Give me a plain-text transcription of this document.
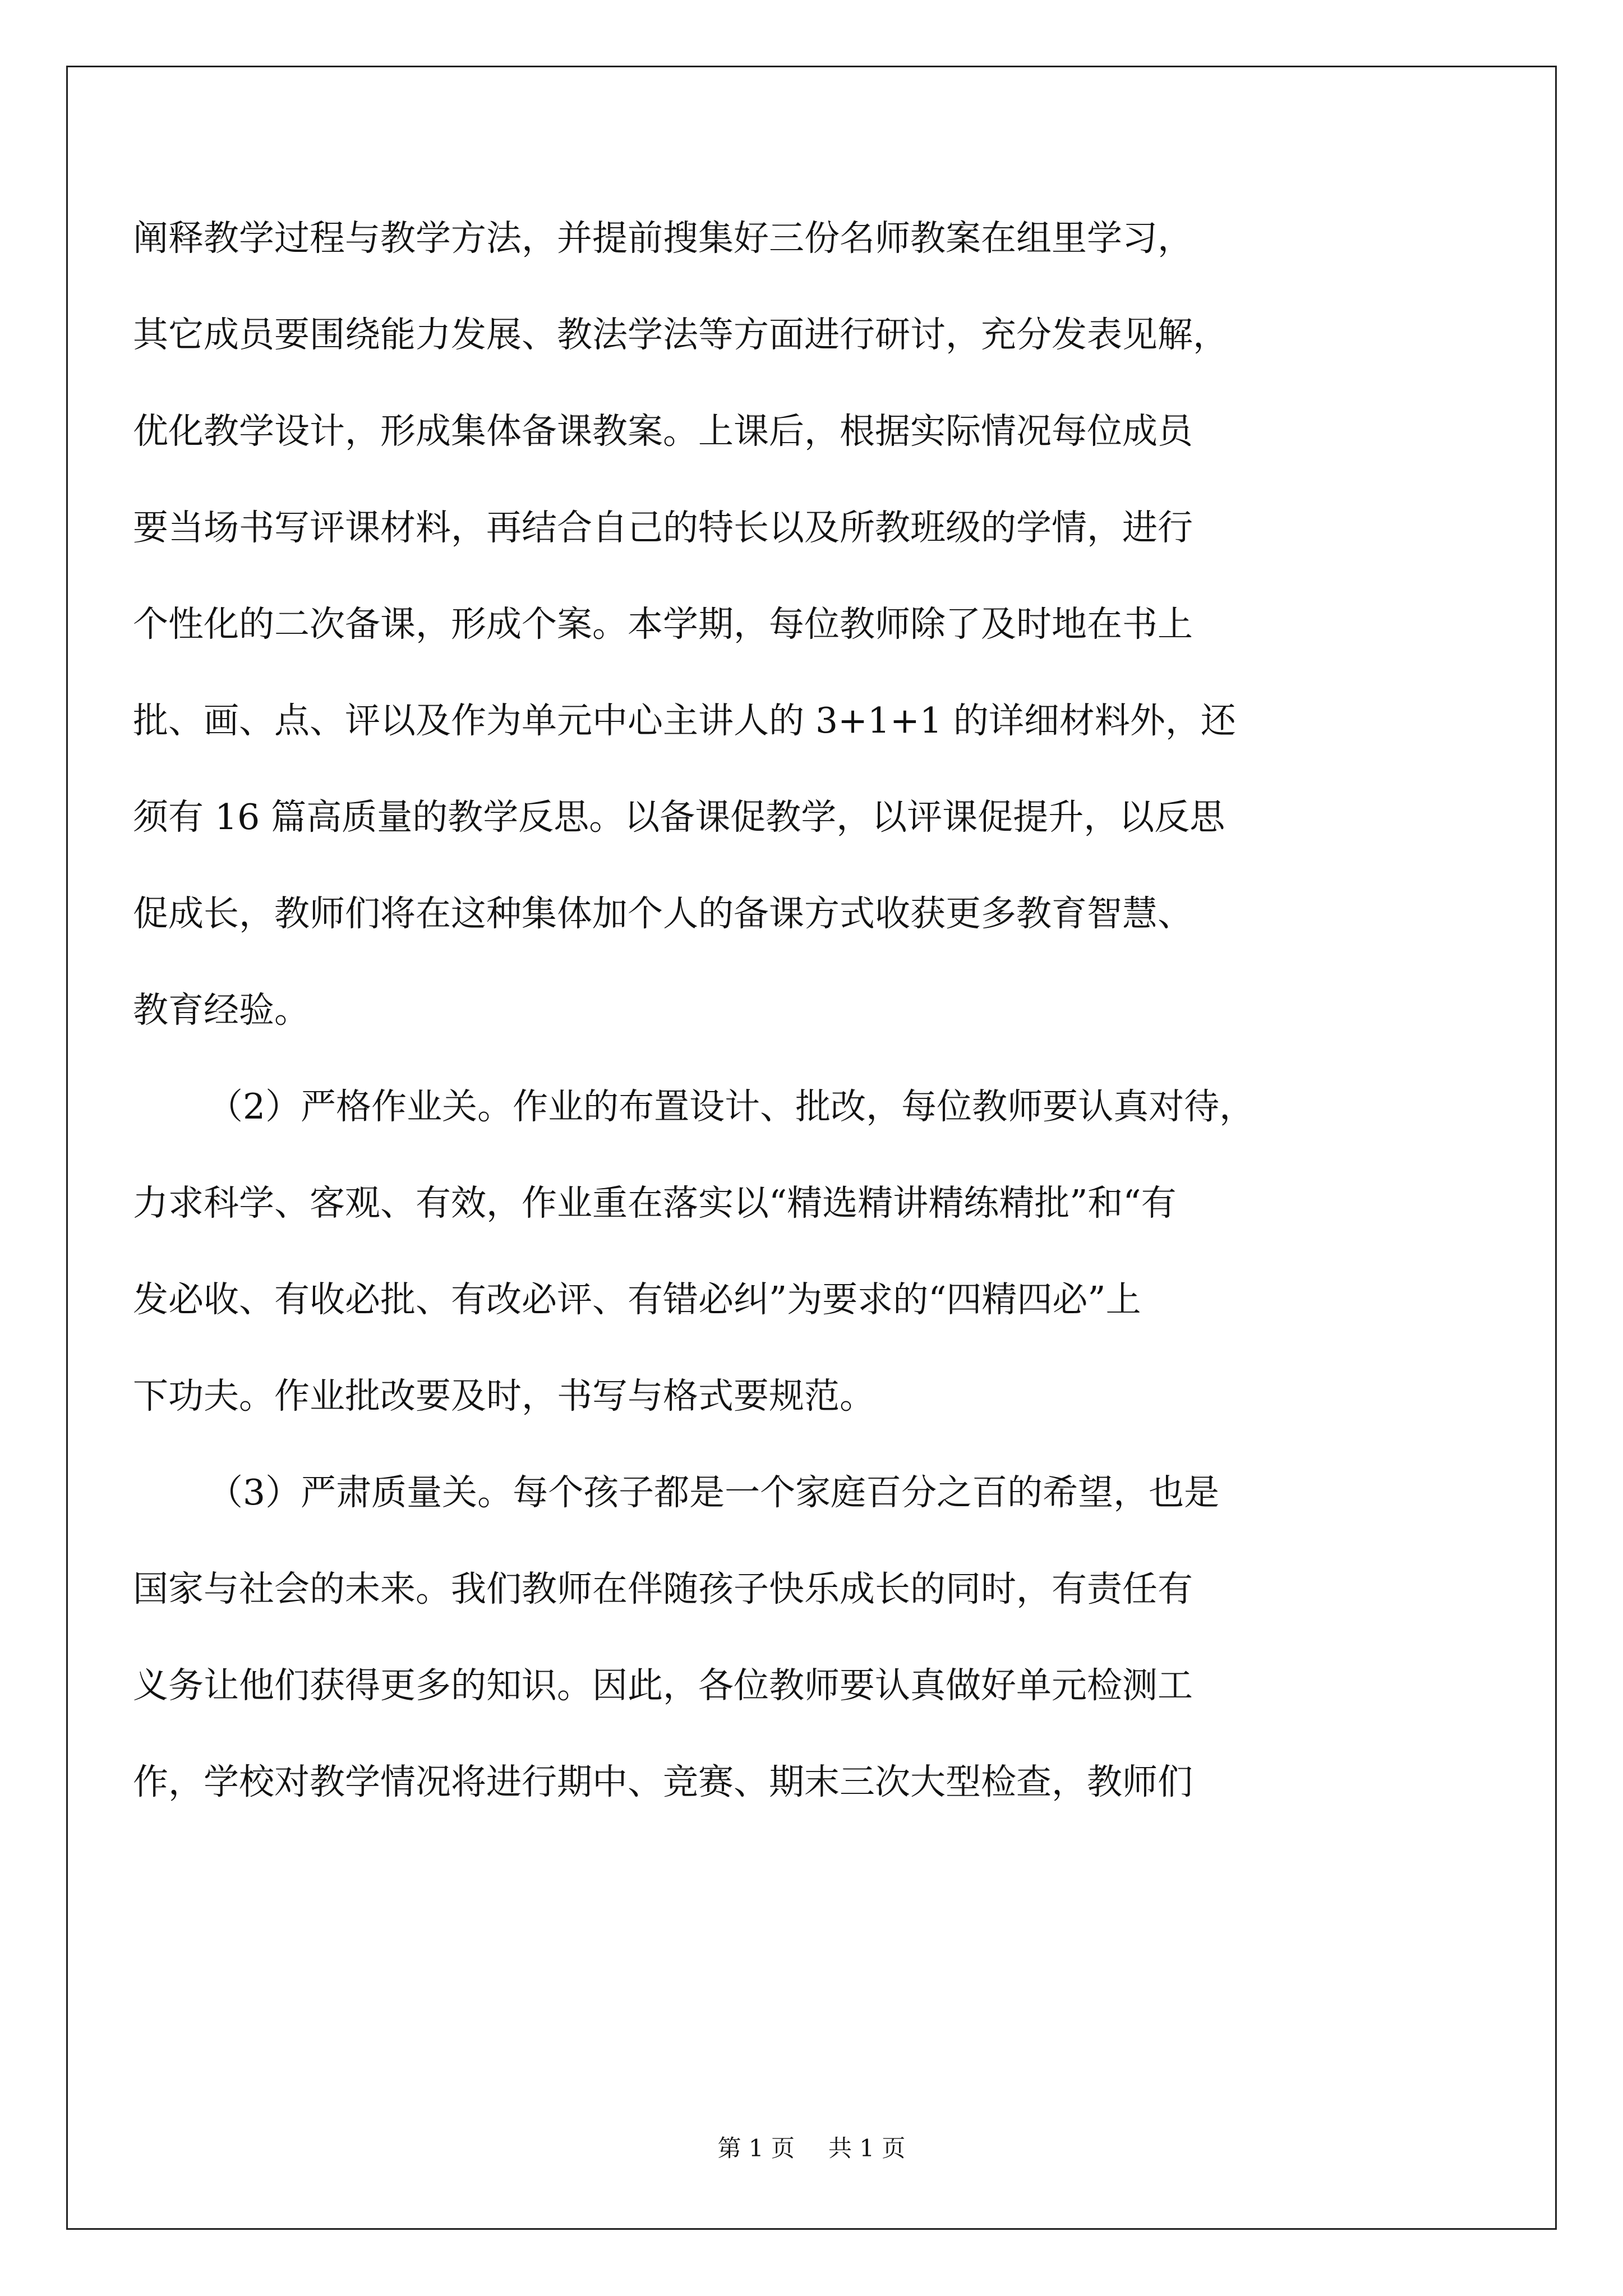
阐释教学过程与教学方法，并提前搜集好三份名师教案在组里学习，
其它成员要围绕能力发展、教法学法等方面进行研讨，充分发表见解，
优化教学设计，形成集体备课教案。上课后，根据实际情况每位成员
要当场书写评课材料，再结合自己的特长以及所教班级的学情，进行
个性化的二次备课，形成个案。本学期，每位教师除了及时地在书上
批、画、点、评以及作为单元中心主讲人的 3+1+1 的详细材料外，还
须有 16 篇高质量的教学反思。以备课促教学，以评课促提升，以反思
促成长，教师们将在这种集体加个人的备课方式收获更多教育智慧、
教育经验。
（2）严格作业关。作业的布置设计、批改，每位教师要认真对待，
力求科学、客观、有效，作业重在落实以“精选精讲精练精批”和“有
发必收、有收必批、有改必评、有错必纠”为要求的“四精四必”上
下功夫。作业批改要及时，书写与格式要规范。
（3）严肃质量关。每个孩子都是一个家庭百分之百的希望，也是
国家与社会的未来。我们教师在伴随孩子快乐成长的同时，有责任有
义务让他们获得更多的知识。因此，各位教师要认真做好单元检测工
作，学校对教学情况将进行期中、竞赛、期末三次大型检查，教师们
第 1 页 共 1 页
